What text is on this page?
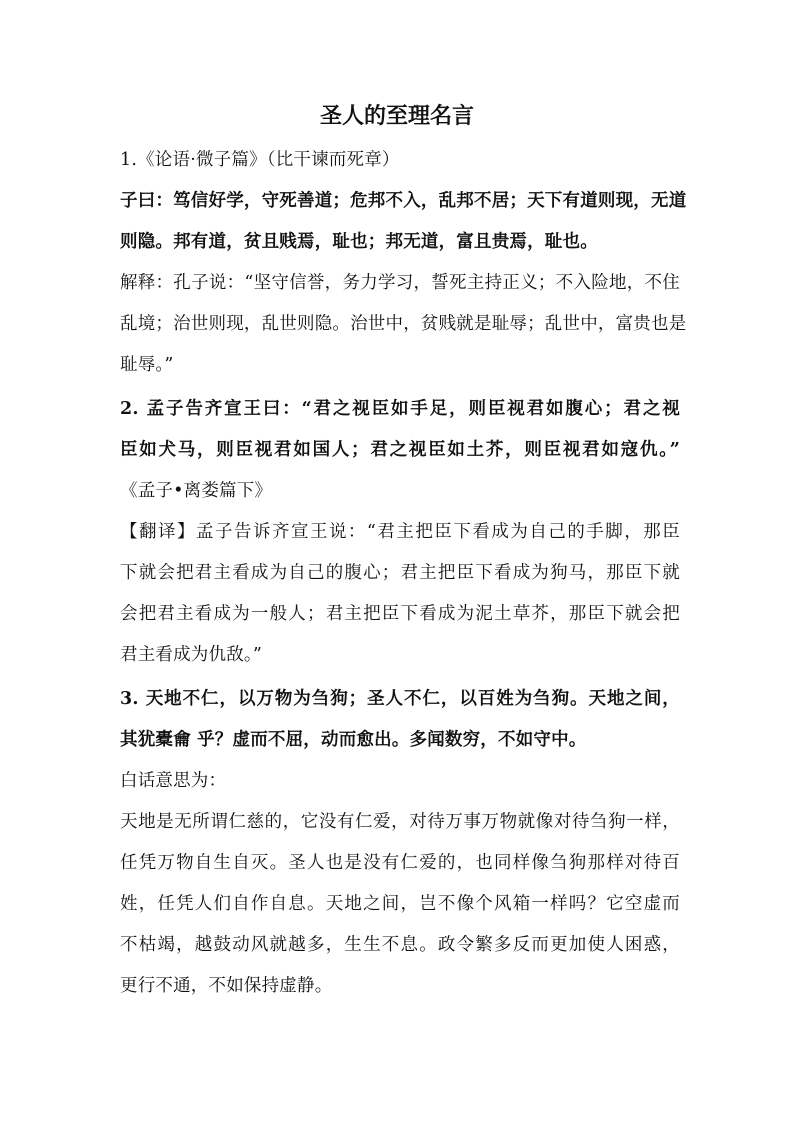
圣人的至理名言
1.《论语·微子篇》（比干谏而死章）
子曰：笃信好学，守死善道；危邦不入，乱邦不居；天下有道则现，无道
则隐。邦有道，贫且贱焉，耻也；邦无道，富且贵焉，耻也。
解释：孔子说：“坚守信誉，务力学习，誓死主持正义；不入险地，不住
乱境；治世则现，乱世则隐。治世中，贫贱就是耻辱；乱世中，富贵也是
耻辱。”
2. 孟子告齐宣王曰：“君之视臣如手足，则臣视君如腹心；君之视
臣如犬马，则臣视君如国人；君之视臣如土芥，则臣视君如寇仇。”
《孟子•离娄篇下》
【翻译】孟子告诉齐宣王说：“君主把臣下看成为自己的手脚，那臣
下就会把君主看成为自己的腹心；君主把臣下看成为狗马，那臣下就
会把君主看成为一般人；君主把臣下看成为泥土草芥，那臣下就会把
君主看成为仇敌。”
3. 天地不仁，以万物为刍狗；圣人不仁，以百姓为刍狗。天地之间，
其犹橐龠 乎？虚而不屈，动而愈出。多闻数穷，不如守中。
白话意思为：
天地是无所谓仁慈的，它没有仁爱，对待万事万物就像对待刍狗一样，
任凭万物自生自灭。圣人也是没有仁爱的，也同样像刍狗那样对待百
姓，任凭人们自作自息。天地之间，岂不像个风箱一样吗？它空虚而
不枯竭，越鼓动风就越多，生生不息。政令繁多反而更加使人困惑，
更行不通，不如保持虚静。
